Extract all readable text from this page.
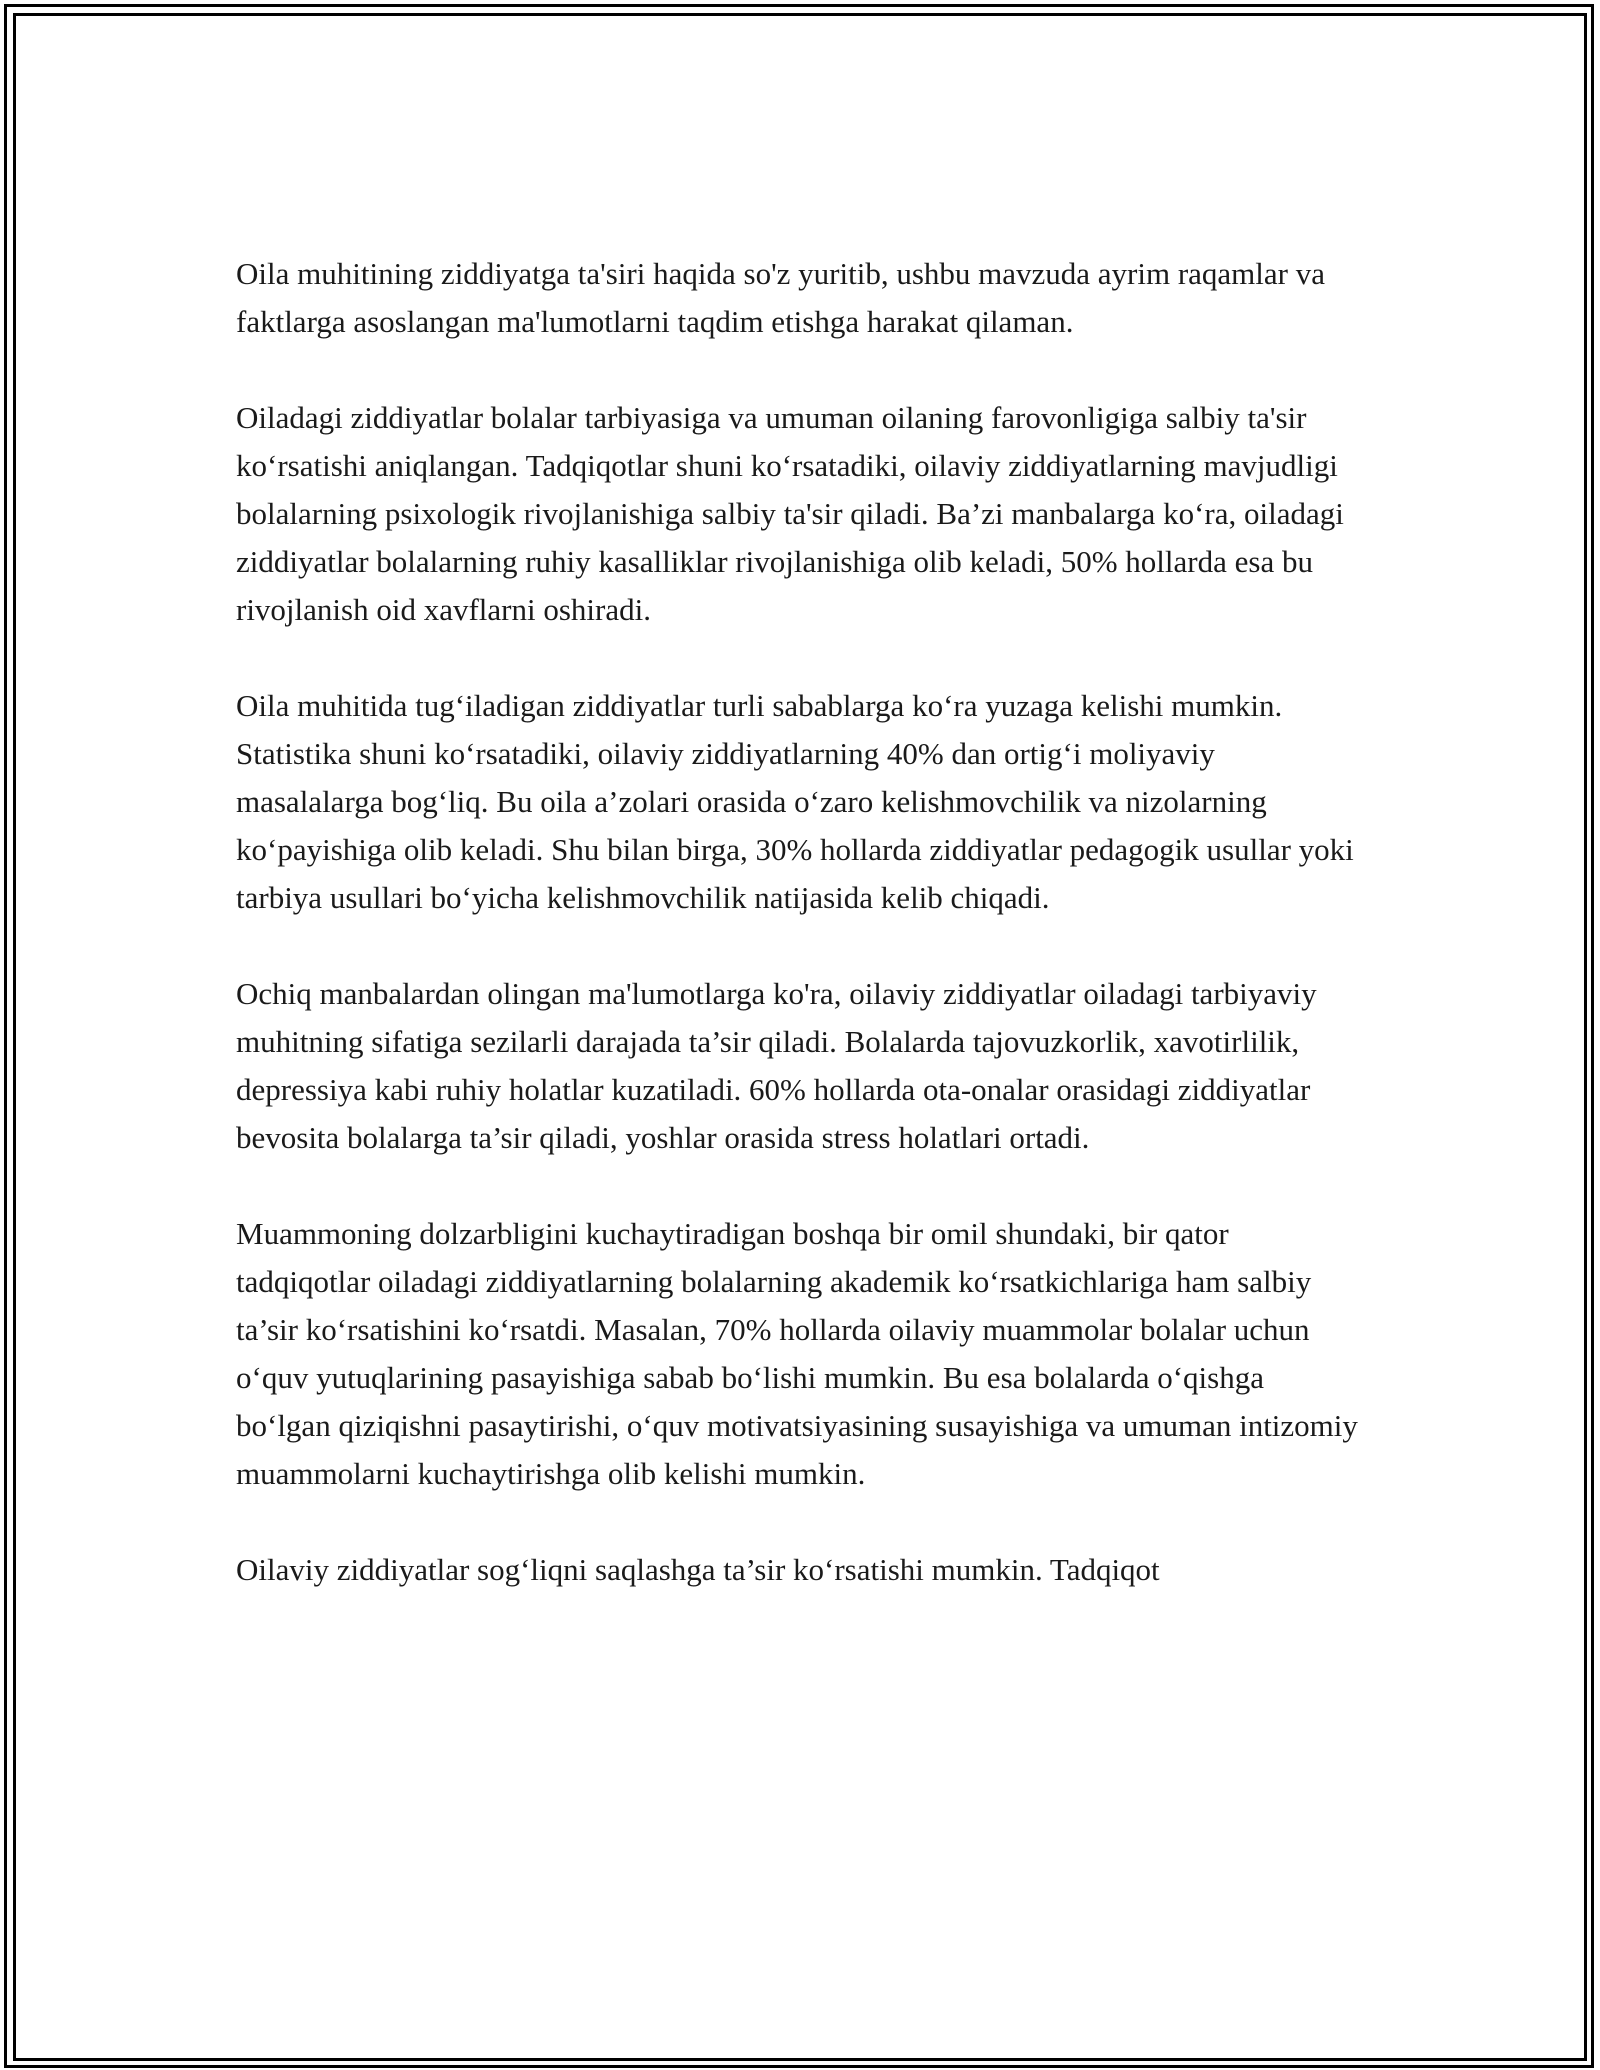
Oila muhitining ziddiyatga ta'siri haqida so'z yuritib, ushbu mavzuda ayrim raqamlar va faktlarga asoslangan ma'lumotlarni taqdim etishga harakat qilaman.

Oiladagi ziddiyatlar bolalar tarbiyasiga va umuman oilaning farovonligiga salbiy ta'sir koʻrsatishi aniqlangan. Tadqiqotlar shuni koʻrsatadiki, oilaviy ziddiyatlarning mavjudligi bolalarning psixologik rivojlanishiga salbiy ta'sir qiladi. Ba’zi manbalarga koʻra, oiladagi ziddiyatlar bolalarning ruhiy kasalliklar rivojlanishiga olib keladi, 50% hollarda esa bu rivojlanish oid xavflarni oshiradi.

Oila muhitida tugʻiladigan ziddiyatlar turli sabablarga koʻra yuzaga kelishi mumkin. Statistika shuni koʻrsatadiki, oilaviy ziddiyatlarning 40% dan ortigʻi moliyaviy masalalarga bogʻliq. Bu oila a’zolari orasida oʻzaro kelishmovchilik va nizolarning koʻpayishiga olib keladi. Shu bilan birga, 30% hollarda ziddiyatlar pedagogik usullar yoki tarbiya usullari boʻyicha kelishmovchilik natijasida kelib chiqadi.

Ochiq manbalardan olingan ma'lumotlarga ko'ra, oilaviy ziddiyatlar oiladagi tarbiyaviy muhitning sifatiga sezilarli darajada ta’sir qiladi. Bolalarda tajovuzkorlik, xavotirlilik, depressiya kabi ruhiy holatlar kuzatiladi. 60% hollarda ota-onalar orasidagi ziddiyatlar bevosita bolalarga ta’sir qiladi, yoshlar orasida stress holatlari ortadi.

Muammoning dolzarbligini kuchaytiradigan boshqa bir omil shundaki, bir qator tadqiqotlar oiladagi ziddiyatlarning bolalarning akademik koʻrsatkichlariga ham salbiy ta’sir koʻrsatishini koʻrsatdi. Masalan, 70% hollarda oilaviy muammolar bolalar uchun oʻquv yutuqlarining pasayishiga sabab boʻlishi mumkin. Bu esa bolalarda oʻqishga boʻlgan qiziqishni pasaytirishi, oʻquv motivatsiyasining susayishiga va umuman intizomiy muammolarni kuchaytirishga olib kelishi mumkin.

Oilaviy ziddiyatlar sogʻliqni saqlashga ta’sir koʻrsatishi mumkin. Tadqiqot
